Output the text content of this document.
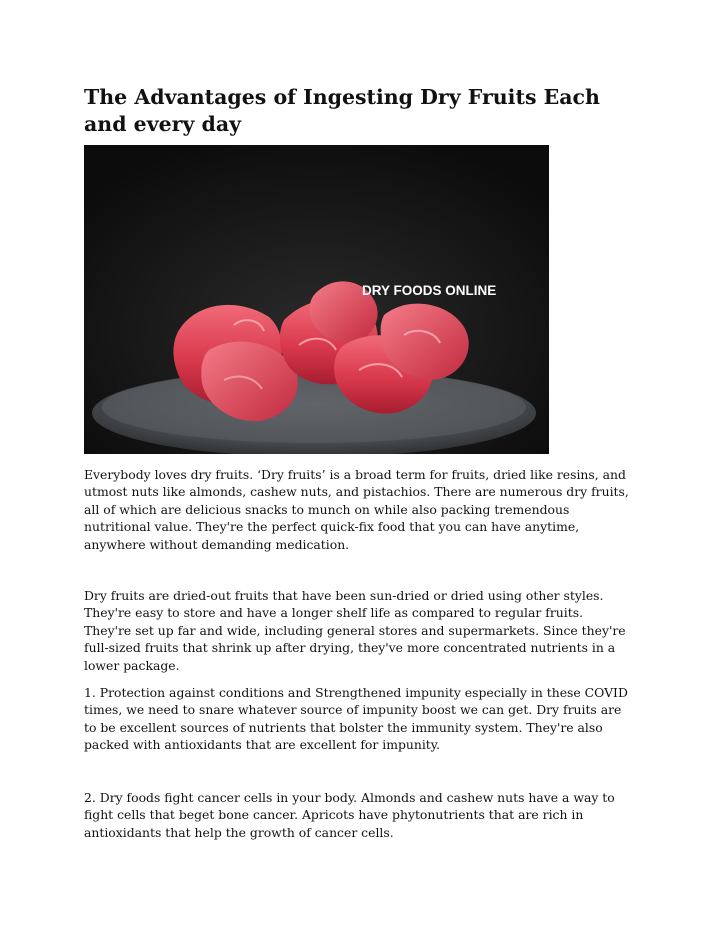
The Advantages of Ingesting Dry Fruits Each and every day
DRY FOODS ONLINE

Everybody loves dry fruits. ‘Dry fruits’ is a broad term for fruits, dried like resins, and utmost nuts like almonds, cashew nuts, and pistachios. There are numerous dry fruits, all of which are delicious snacks to munch on while also packing tremendous nutritional value. They're the perfect quick-fix food that you can have anytime, anywhere without demanding medication.

Dry fruits are dried-out fruits that have been sun-dried or dried using other styles. They're easy to store and have a longer shelf life as compared to regular fruits. They're set up far and wide, including general stores and supermarkets. Since they're full-sized fruits that shrink up after drying, they've more concentrated nutrients in a lower package.

1. Protection against conditions and Strengthened impunity especially in these COVID times, we need to snare whatever source of impunity boost we can get. Dry fruits are to be excellent sources of nutrients that bolster the immunity system. They're also packed with antioxidants that are excellent for impunity.

2. Dry foods fight cancer cells in your body. Almonds and cashew nuts have a way to fight cells that beget bone cancer. Apricots have phytonutrients that are rich in antioxidants that help the growth of cancer cells.
